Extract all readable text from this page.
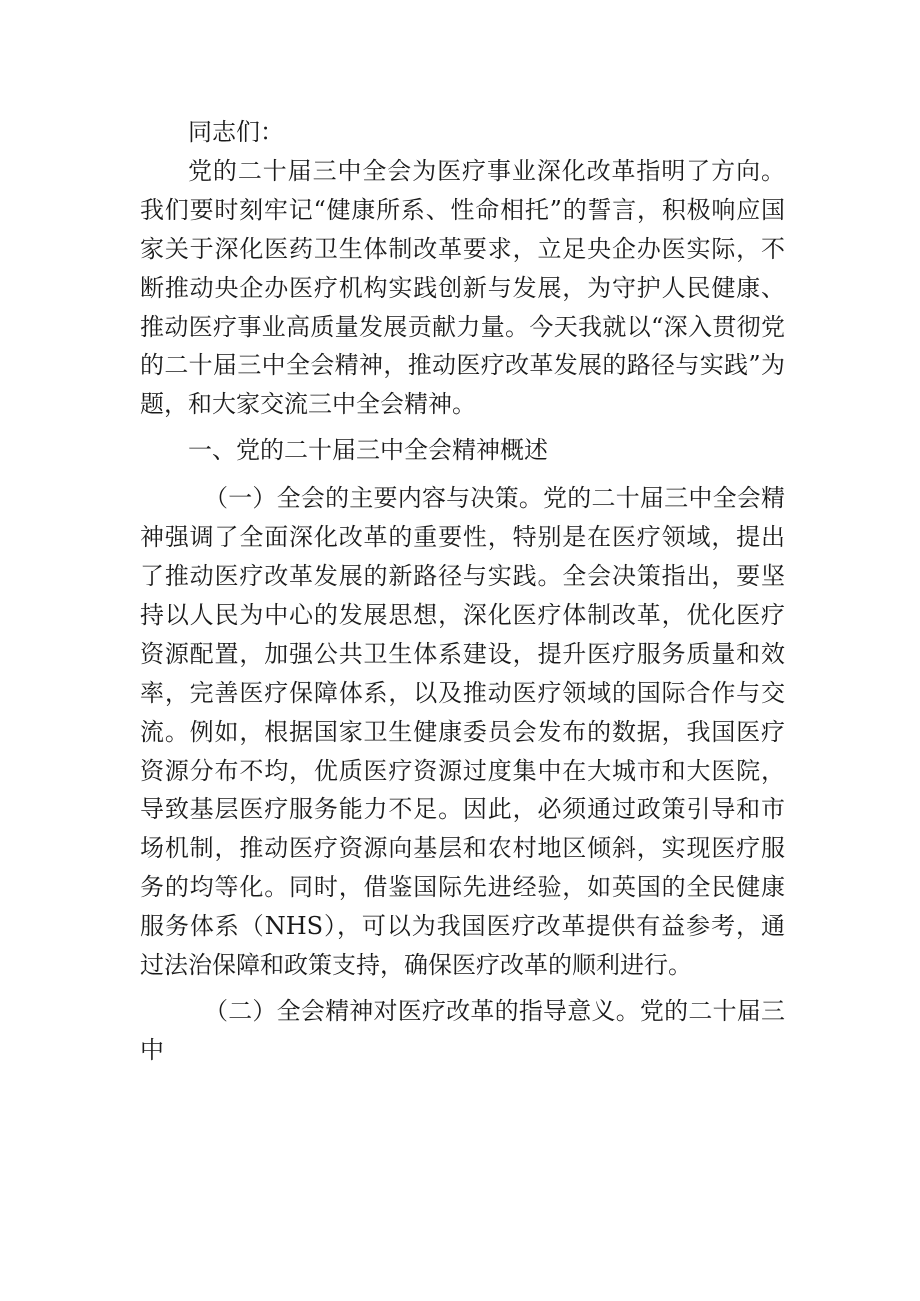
同志们：

党的二十届三中全会为医疗事业深化改革指明了方向。我们要时刻牢记“健康所系、性命相托”的誓言，积极响应国家关于深化医药卫生体制改革要求，立足央企办医实际，不断推动央企办医疗机构实践创新与发展，为守护人民健康、推动医疗事业高质量发展贡献力量。今天我就以“深入贯彻党的二十届三中全会精神，推动医疗改革发展的路径与实践”为题，和大家交流三中全会精神。

一、党的二十届三中全会精神概述

（一）全会的主要内容与决策。党的二十届三中全会精神强调了全面深化改革的重要性，特别是在医疗领域，提出了推动医疗改革发展的新路径与实践。全会决策指出，要坚持以人民为中心的发展思想，深化医疗体制改革，优化医疗资源配置，加强公共卫生体系建设，提升医疗服务质量和效率，完善医疗保障体系，以及推动医疗领域的国际合作与交流。例如，根据国家卫生健康委员会发布的数据，我国医疗资源分布不均，优质医疗资源过度集中在大城市和大医院，导致基层医疗服务能力不足。因此，必须通过政策引导和市场机制，推动医疗资源向基层和农村地区倾斜，实现医疗服务的均等化。同时，借鉴国际先进经验，如英国的全民健康服务体系（NHS），可以为我国医疗改革提供有益参考，通过法治保障和政策支持，确保医疗改革的顺利进行。

（二）全会精神对医疗改革的指导意义。党的二十届三中
